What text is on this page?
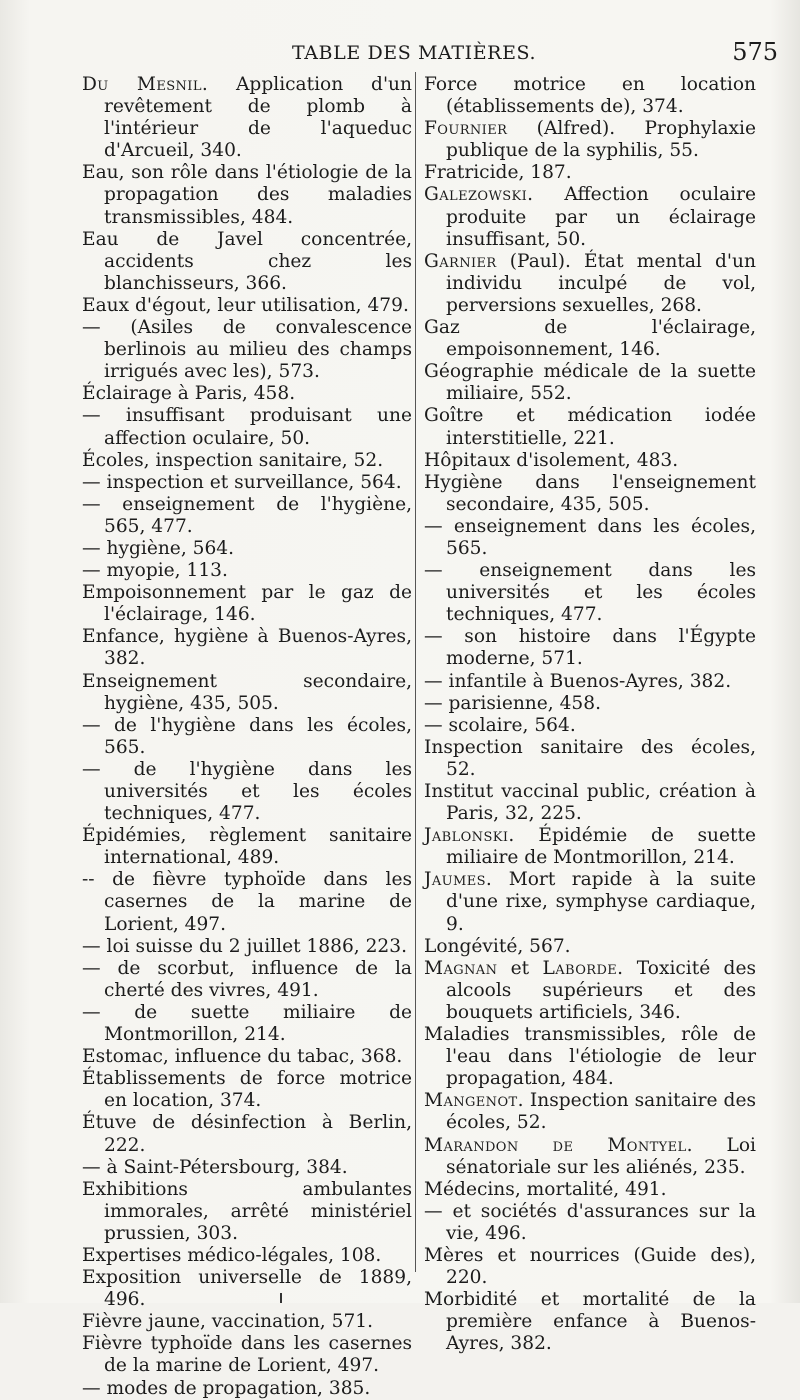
TABLE DES MATIÈRES.	575

Du Mesnil. Application d'un revêtement de plomb à l'intérieur de l'aqueduc d'Arcueil, 340.

Eau, son rôle dans l'étiologie de la propagation des maladies transmissibles, 484.

Eau de Javel concentrée, accidents chez les blanchisseurs, 366.

Eaux d'égout, leur utilisation, 479.

— (Asiles de convalescence berlinois au milieu des champs irrigués avec les), 573.

Éclairage à Paris, 458.

— insuffisant produisant une affection oculaire, 50.

Écoles, inspection sanitaire, 52.

— inspection et surveillance, 564.

— enseignement de l'hygiène, 565, 477.

— hygiène, 564.

— myopie, 113.

Empoisonnement par le gaz de l'éclairage, 146.

Enfance, hygiène à Buenos-Ayres, 382.

Enseignement secondaire, hygiène, 435, 505.

— de l'hygiène dans les écoles, 565.

— de l'hygiène dans les universités et les écoles techniques, 477.

Épidémies, règlement sanitaire international, 489.

-- de fièvre typhoïde dans les casernes de la marine de Lorient, 497.

— loi suisse du 2 juillet 1886, 223.

— de scorbut, influence de la cherté des vivres, 491.

— de suette miliaire de Montmorillon, 214.

Estomac, influence du tabac, 368.

Établissements de force motrice en location, 374.

Étuve de désinfection à Berlin, 222.

— à Saint-Pétersbourg, 384.

Exhibitions ambulantes immorales, arrêté ministériel prussien, 303.

Expertises médico-légales, 108.

Exposition universelle de 1889, 496.

Fièvre jaune, vaccination, 571.

Fièvre typhoïde dans les casernes de la marine de Lorient, 497.

— modes de propagation, 385.

Force motrice en location (établissements de), 374.

Fournier (Alfred). Prophylaxie publique de la syphilis, 55.

Fratricide, 187.

Galezowski. Affection oculaire produite par un éclairage insuffisant, 50.

Garnier (Paul). État mental d'un individu inculpé de vol, perversions sexuelles, 268.

Gaz de l'éclairage, empoisonnement, 146.

Géographie médicale de la suette miliaire, 552.

Goître et médication iodée interstitielle, 221.

Hôpitaux d'isolement, 483.

Hygiène dans l'enseignement secondaire, 435, 505.

— enseignement dans les écoles, 565.

— enseignement dans les universités et les écoles techniques, 477.

— son histoire dans l'Égypte moderne, 571.

— infantile à Buenos-Ayres, 382.

— parisienne, 458.

— scolaire, 564.

Inspection sanitaire des écoles, 52.

Institut vaccinal public, création à Paris, 32, 225.

Jablonski. Épidémie de suette miliaire de Montmorillon, 214.

Jaumes. Mort rapide à la suite d'une rixe, symphyse cardiaque, 9.

Longévité, 567.

Magnan et Laborde. Toxicité des alcools supérieurs et des bouquets artificiels, 346.

Maladies transmissibles, rôle de l'eau dans l'étiologie de leur propagation, 484.

Mangenot. Inspection sanitaire des écoles, 52.

Marandon de Montyel. Loi sénatoriale sur les aliénés, 235.

Médecins, mortalité, 491.

— et sociétés d'assurances sur la vie, 496.

Mères et nourrices (Guide des), 220.

Morbidité et mortalité de la première enfance à Buenos-Ayres, 382.
